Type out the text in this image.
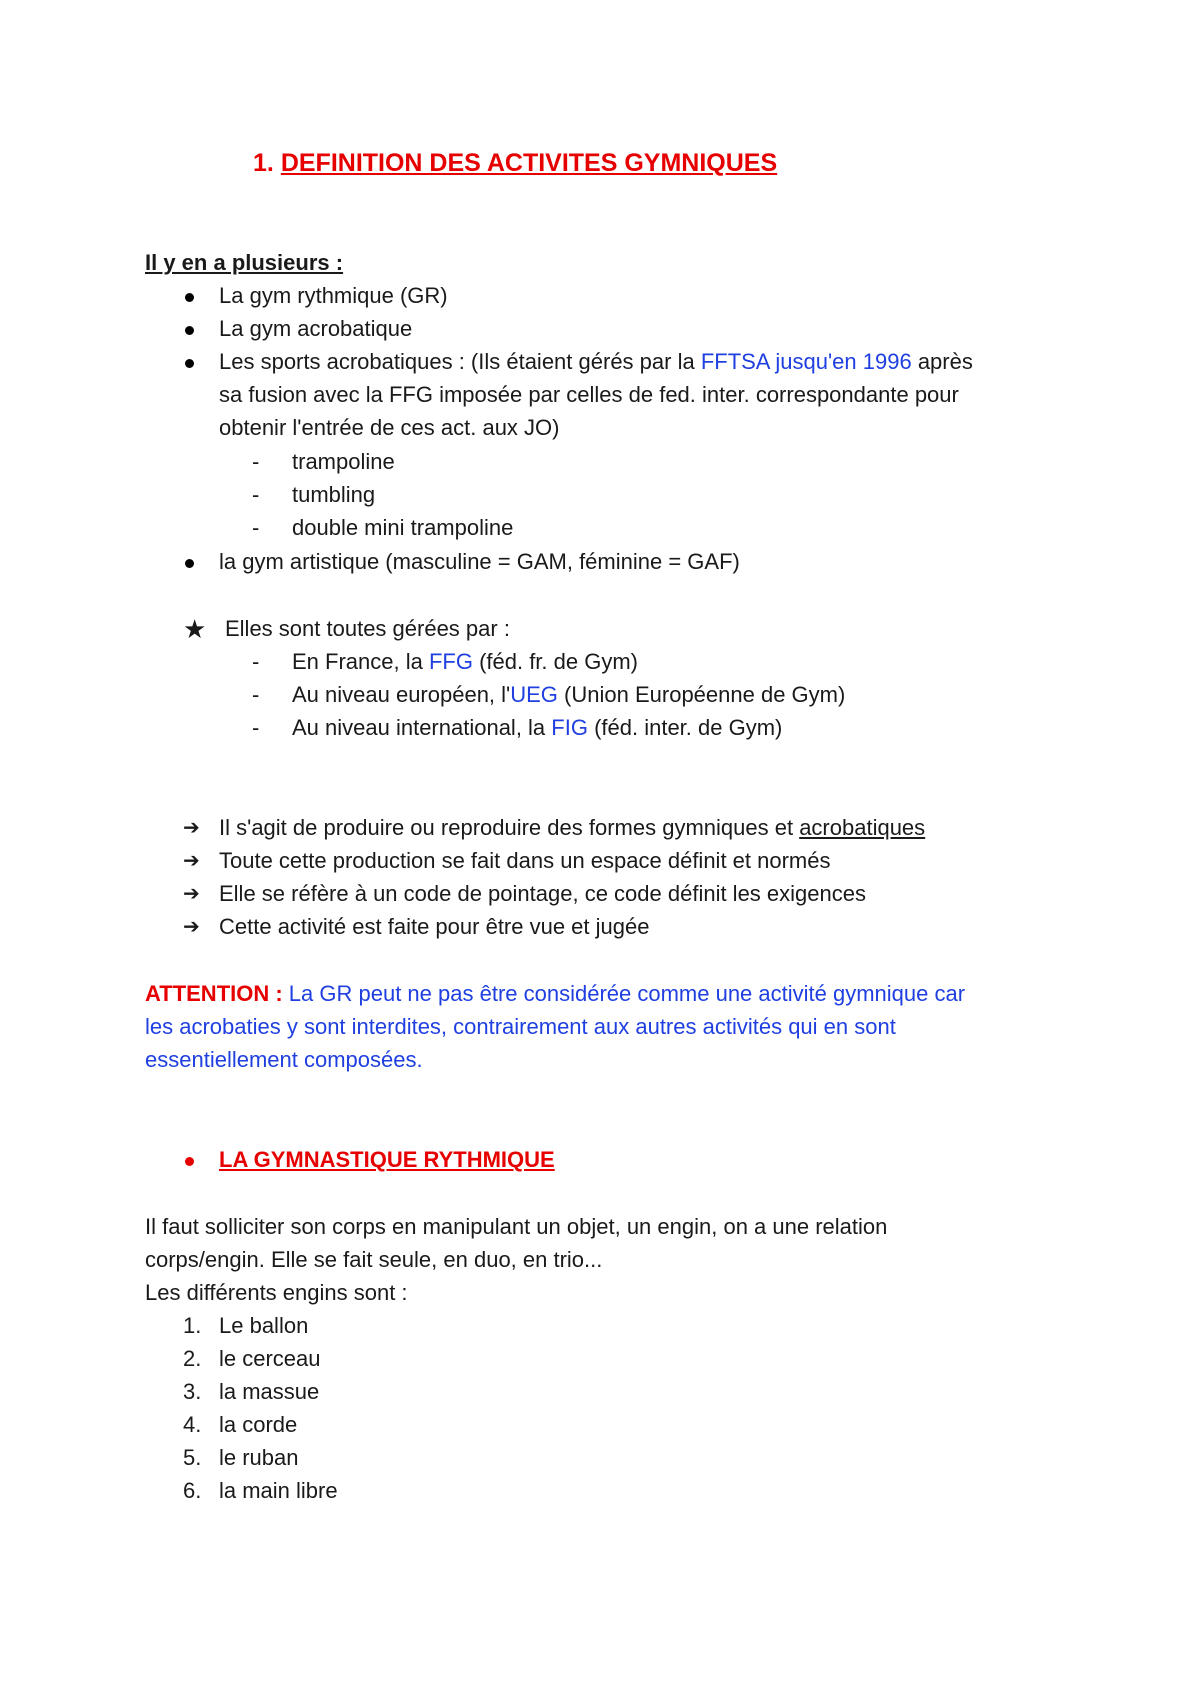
1. DEFINITION DES ACTIVITES GYMNIQUES
Il y en a plusieurs :
La gym rythmique (GR)
La gym acrobatique
Les sports acrobatiques : (Ils étaient gérés par la FFTSA jusqu'en 1996 après
sa fusion avec la FFG imposée par celles de fed. inter. correspondante pour
obtenir l'entrée de ces act. aux JO)
- trampoline
- tumbling
- double mini trampoline
la gym artistique (masculine = GAM, féminine = GAF)
★ Elles sont toutes gérées par :
- En France, la FFG (féd. fr. de Gym)
- Au niveau européen, l'UEG (Union Européenne de Gym)
- Au niveau international, la FIG (féd. inter. de Gym)
➔ Il s'agit de produire ou reproduire des formes gymniques et acrobatiques
➔ Toute cette production se fait dans un espace définit et normés
➔ Elle se réfère à un code de pointage, ce code définit les exigences
➔ Cette activité est faite pour être vue et jugée
ATTENTION : La GR peut ne pas être considérée comme une activité gymnique car
les acrobaties y sont interdites, contrairement aux autres activités qui en sont
essentiellement composées.
LA GYMNASTIQUE RYTHMIQUE
Il faut solliciter son corps en manipulant un objet, un engin, on a une relation
corps/engin. Elle se fait seule, en duo, en trio...
Les différents engins sont :
1. Le ballon
2. le cerceau
3. la massue
4. la corde
5. le ruban
6. la main libre
